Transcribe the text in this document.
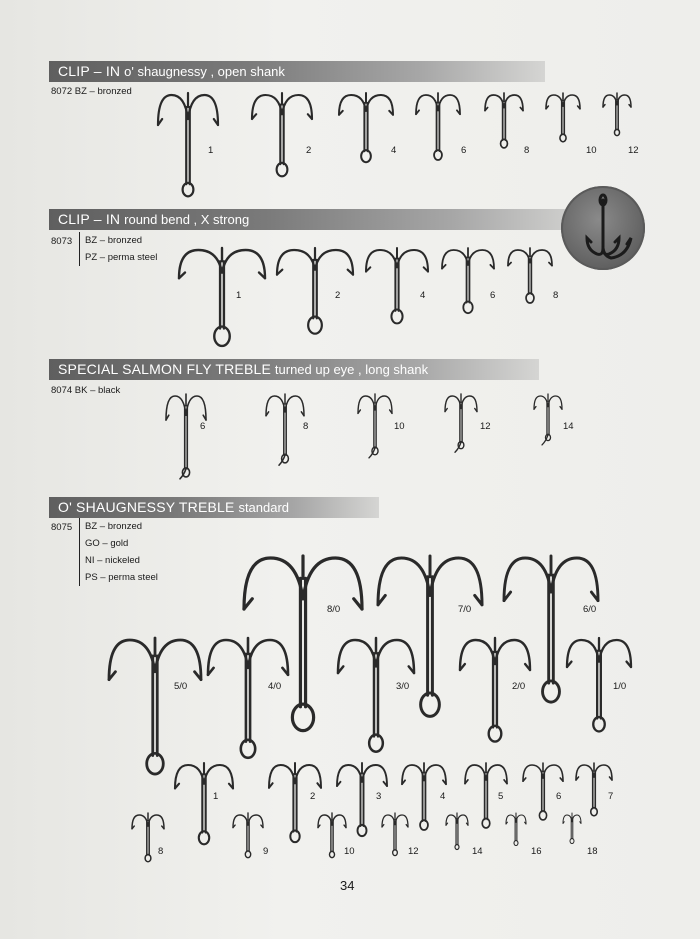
CLIP – IN o' shaugnessy , open shank
8072 BZ – bronzed
CLIP – IN round bend , X strong
8073 BZ – bronzed
PZ – perma steel
SPECIAL SALMON FLY TREBLE turned up eye , long shank
8074 BK – black
O' SHAUGNESSY TREBLE standard
8075 BZ – bronzed
GO – gold
NI – nickeled
PS – perma steel
1	2	4	6	8	10	12
1	2	4	6	8
6	8	10	12	14
8/0	7/0	6/0
5/0	4/0	3/0	2/0	1/0
1	2	3	4	5	6	7
8	9	10	12	14	16	18
34
